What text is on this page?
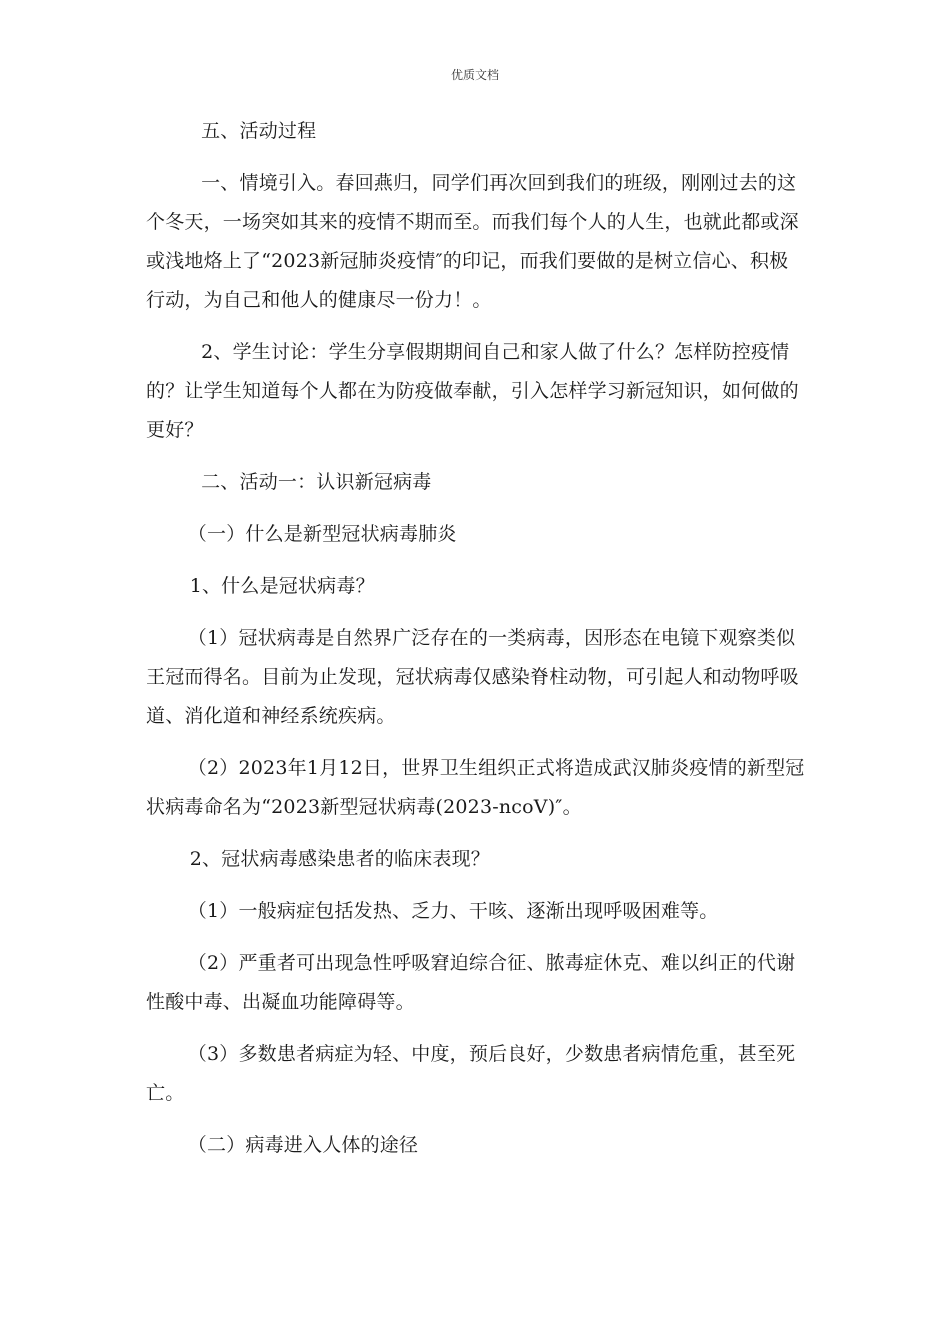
优质文档

五、活动过程

一、情境引入。春回燕归，同学们再次回到我们的班级，刚刚过去的这个冬天，一场突如其来的疫情不期而至。而我们每个人的人生，也就此都或深或浅地烙上了“2023新冠肺炎疫情″的印记，而我们要做的是树立信心、积极行动，为自己和他人的健康尽一份力！。

2、学生讨论：学生分享假期期间自己和家人做了什么？怎样防控疫情的？让学生知道每个人都在为防疫做奉献，引入怎样学习新冠知识，如何做的更好？

二、活动一：认识新冠病毒

（一）什么是新型冠状病毒肺炎

1、什么是冠状病毒？

（1）冠状病毒是自然界广泛存在的一类病毒，因形态在电镜下观察类似王冠而得名。目前为止发现，冠状病毒仅感染脊柱动物，可引起人和动物呼吸道、消化道和神经系统疾病。

（2）2023年1月12日，世界卫生组织正式将造成武汉肺炎疫情的新型冠状病毒命名为“2023新型冠状病毒(2023-ncoV)″。

2、冠状病毒感染患者的临床表现？

（1）一般病症包括发热、乏力、干咳、逐渐出现呼吸困难等。

（2）严重者可出现急性呼吸窘迫综合征、脓毒症休克、难以纠正的代谢性酸中毒、出凝血功能障碍等。

（3）多数患者病症为轻、中度，预后良好，少数患者病情危重，甚至死亡。

（二）病毒进入人体的途径
